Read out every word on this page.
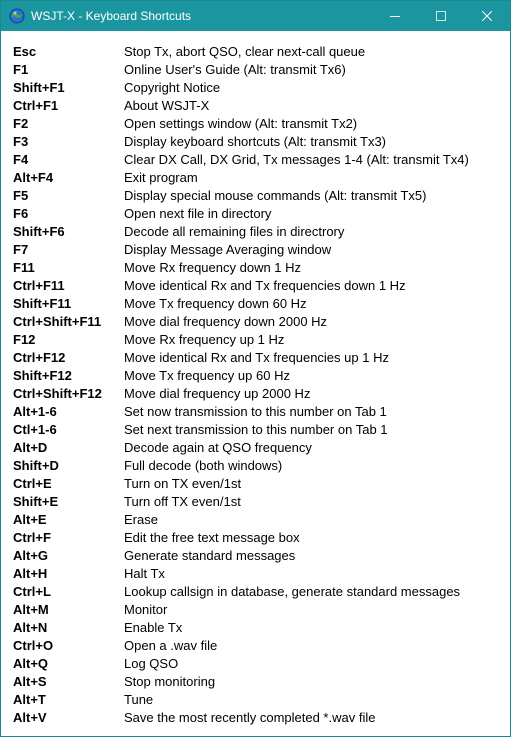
WSJT-X - Keyboard Shortcuts
Esc	Stop Tx, abort QSO, clear next-call queue
F1	Online User's Guide (Alt: transmit Tx6)
Shift+F1	Copyright Notice
Ctrl+F1	About WSJT-X
F2	Open settings window (Alt: transmit Tx2)
F3	Display keyboard shortcuts (Alt: transmit Tx3)
F4	Clear DX Call, DX Grid, Tx messages 1-4 (Alt: transmit Tx4)
Alt+F4	Exit program
F5	Display special mouse commands (Alt: transmit Tx5)
F6	Open next file in directory
Shift+F6	Decode all remaining files in directrory
F7	Display Message Averaging window
F11	Move Rx frequency down 1 Hz
Ctrl+F11	Move identical Rx and Tx frequencies down 1 Hz
Shift+F11	Move Tx frequency down 60 Hz
Ctrl+Shift+F11 Move dial frequency down 2000 Hz
F12	Move Rx frequency up 1 Hz
Ctrl+F12	Move identical Rx and Tx frequencies up 1 Hz
Shift+F12	Move Tx frequency up 60 Hz
Ctrl+Shift+F12 Move dial frequency up 2000 Hz
Alt+1-6	Set now transmission to this number on Tab 1
Ctl+1-6	Set next transmission to this number on Tab 1
Alt+D	Decode again at QSO frequency
Shift+D	Full decode (both windows)
Ctrl+E	Turn on TX even/1st
Shift+E	Turn off TX even/1st
Alt+E	Erase
Ctrl+F	Edit the free text message box
Alt+G	Generate standard messages
Alt+H	Halt Tx
Ctrl+L	Lookup callsign in database, generate standard messages
Alt+M	Monitor
Alt+N	Enable Tx
Ctrl+O	Open a .wav file
Alt+Q	Log QSO
Alt+S	Stop monitoring
Alt+T	Tune
Alt+V	Save the most recently completed *.wav file
